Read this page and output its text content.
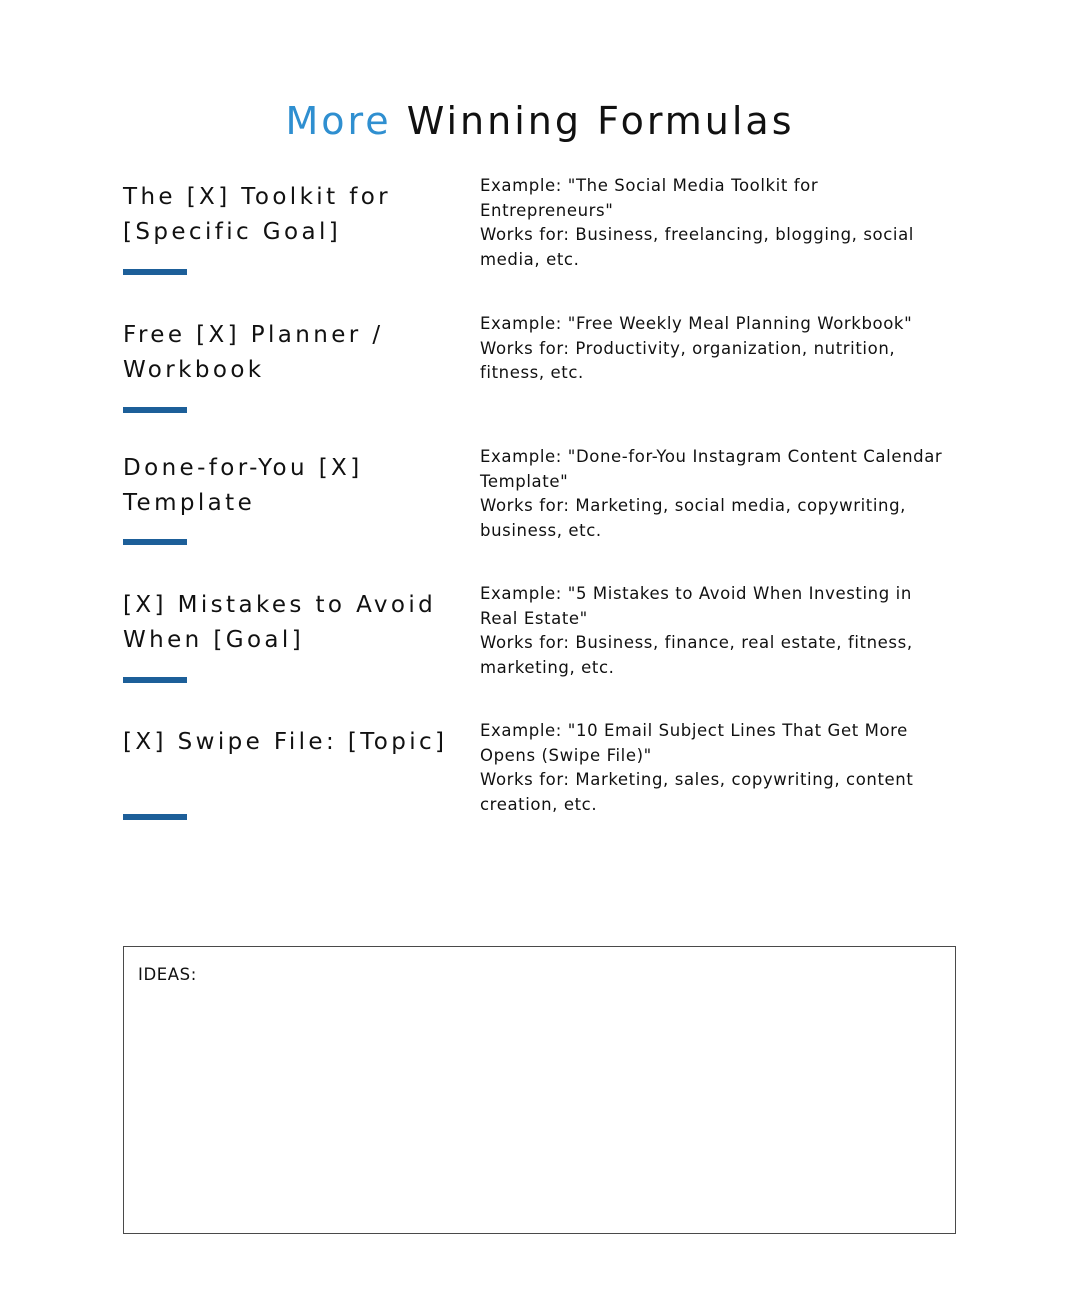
More Winning Formulas
The [X] Toolkit for [Specific Goal]
Example: "The Social Media Toolkit for Entrepreneurs"
Works for: Business, freelancing, blogging, social media, etc.
Free [X] Planner / Workbook
Example: "Free Weekly Meal Planning Workbook"
Works for: Productivity, organization, nutrition, fitness, etc.
Done-for-You [X] Template
Example: "Done-for-You Instagram Content Calendar Template"
Works for: Marketing, social media, copywriting, business, etc.
[X] Mistakes to Avoid When [Goal]
Example: "5 Mistakes to Avoid When Investing in Real Estate"
Works for: Business, finance, real estate, fitness, marketing, etc.
[X] Swipe File: [Topic]	Example: "10 Email Subject Lines That Get More Opens (Swipe File)"
Works for: Marketing, sales, copywriting, content creation, etc.
IDEAS:
